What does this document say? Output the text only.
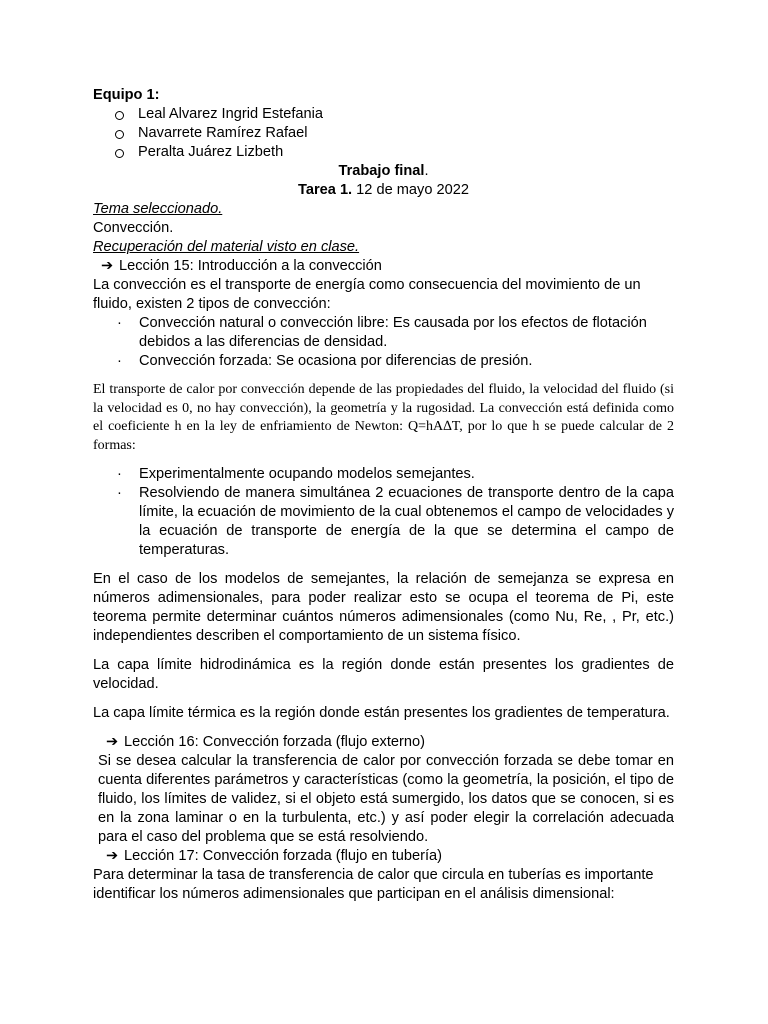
Equipo 1:

Leal Alvarez Ingrid Estefania
Navarrete Ramírez Rafael
Peralta Juárez Lizbeth

Trabajo final.

Tarea 1. 12 de mayo 2022

Tema seleccionado.

Convección.

Recuperación del material visto en clase.

➔ Lección 15: Introducción a la convección

La convección es el transporte de energía como consecuencia del movimiento de un fluido, existen 2 tipos de convección:

· Convección natural o convección libre: Es causada por los efectos de flotación debidos a las diferencias de densidad.
· Convección forzada: Se ocasiona por diferencias de presión.

El transporte de calor por convección depende de las propiedades del fluido, la velocidad del fluido (si la velocidad es 0, no hay convección), la geometría y la rugosidad. La convección está definida como el coeficiente h en la ley de enfriamiento de Newton: Q=hA∆T, por lo que h se puede calcular de 2 formas:

· Experimentalmente ocupando modelos semejantes.
· Resolviendo de manera simultánea 2 ecuaciones de transporte dentro de la capa límite, la ecuación de movimiento de la cual obtenemos el campo de velocidades y la ecuación de transporte de energía de la que se determina el campo de temperaturas.

En el caso de los modelos de semejantes, la relación de semejanza se expresa en números adimensionales, para poder realizar esto se ocupa el teorema de Pi, este teorema permite determinar cuántos números adimensionales (como Nu, Re, , Pr, etc.) independientes describen el comportamiento de un sistema físico.

La capa límite hidrodinámica es la región donde están presentes los gradientes de velocidad.

La capa límite térmica es la región donde están presentes los gradientes de temperatura.

➔ Lección 16: Convección forzada (flujo externo)

Si se desea calcular la transferencia de calor por convección forzada se debe tomar en cuenta diferentes parámetros y características (como la geometría, la posición, el tipo de fluido, los límites de validez, si el objeto está sumergido, los datos que se conocen, si es en la zona laminar o en la turbulenta, etc.) y así poder elegir la correlación adecuada para el caso del problema que se está resolviendo.

➔ Lección 17: Convección forzada (flujo en tubería)

Para determinar la tasa de transferencia de calor que circula en tuberías es importante identificar los números adimensionales que participan en el análisis dimensional:
